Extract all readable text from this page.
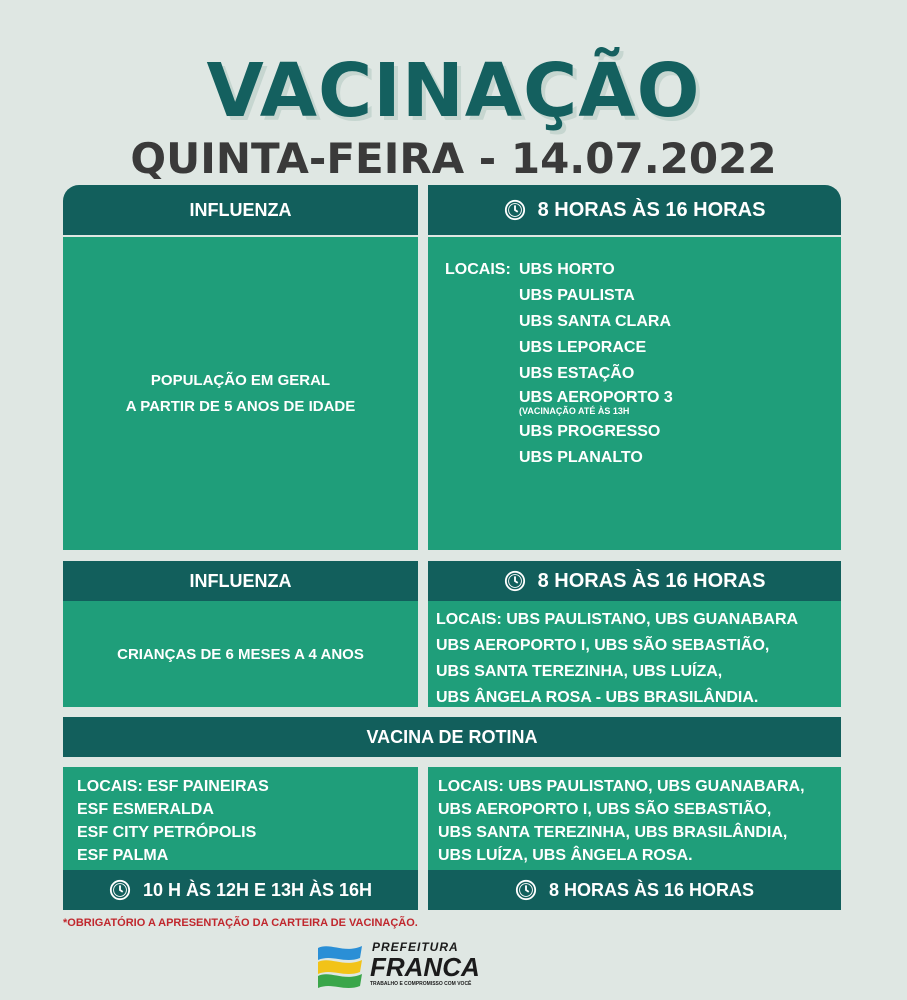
VACINAÇÃO
QUINTA-FEIRA - 14.07.2022
INFLUENZA	8 HORAS ÀS 16 HORAS
POPULAÇÃO EM GERAL
A PARTIR DE 5 ANOS DE IDADE
LOCAIS: UBS HORTO
UBS PAULISTA
UBS SANTA CLARA
UBS LEPORACE
UBS ESTAÇÃO
UBS AEROPORTO 3
(VACINAÇÃO ATÉ ÀS 13H
UBS PROGRESSO
UBS PLANALTO
INFLUENZA	8 HORAS ÀS 16 HORAS
CRIANÇAS DE 6 MESES A 4 ANOS
LOCAIS: UBS PAULISTANO, UBS GUANABARA
UBS AEROPORTO I, UBS SÃO SEBASTIÃO,
UBS SANTA TEREZINHA, UBS LUÍZA,
UBS ÂNGELA ROSA - UBS BRASILÂNDIA.
VACINA DE ROTINA
LOCAIS: ESF PAINEIRAS
ESF ESMERALDA
ESF CITY PETRÓPOLIS
ESF PALMA
LOCAIS: UBS PAULISTANO, UBS GUANABARA,
UBS AEROPORTO I, UBS SÃO SEBASTIÃO,
UBS SANTA TEREZINHA, UBS BRASILÂNDIA,
UBS LUÍZA, UBS ÂNGELA ROSA.
10 H ÀS 12H E 13H ÀS 16H	8 HORAS ÀS 16 HORAS
*OBRIGATÓRIO A APRESENTAÇÃO DA CARTEIRA DE VACINAÇÃO.
PREFEITURA
FRANCA
TRABALHO E COMPROMISSO COM VOCÊ
